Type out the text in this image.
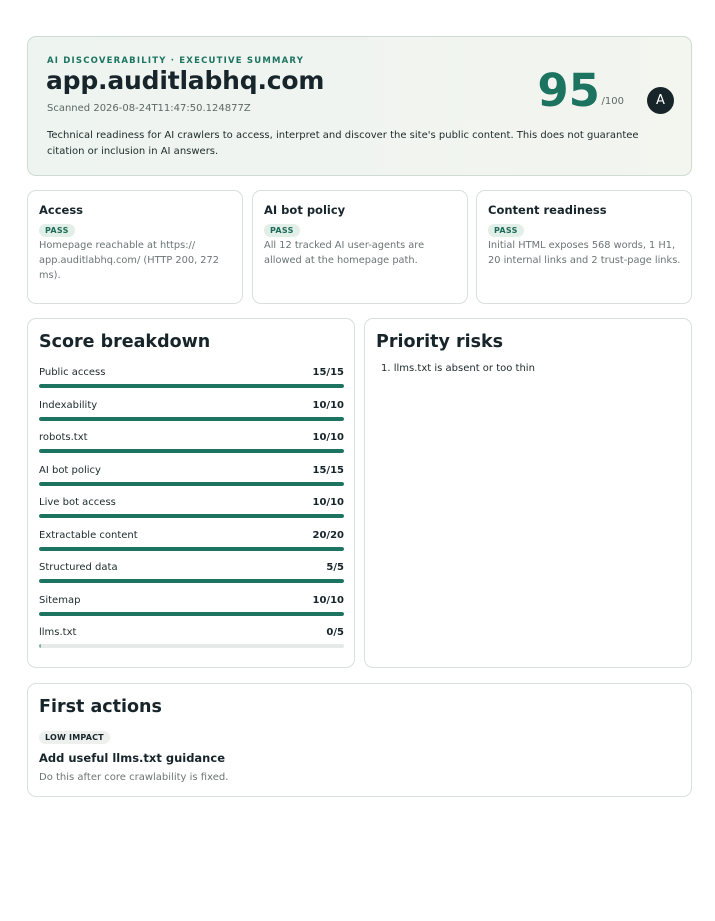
AI DISCOVERABILITY · EXECUTIVE SUMMARY
app.auditlabhq.com
Scanned 2026-08-24T11:47:50.124877Z	95 /100	A
Technical readiness for AI crawlers to access, interpret and discover the site's public content. This does not guarantee citation or inclusion in AI answers.
Access
PASS
Homepage reachable at https:// app.auditlabhq.com/ (HTTP 200, 272 ms).
AI bot policy
PASS
All 12 tracked AI user-agents are allowed at the homepage path.
Content readiness
PASS
Initial HTML exposes 568 words, 1 H1, 20 internal links and 2 trust-page links.
Score breakdown
Public access	15/15
Indexability	10/10
robots.txt	10/10
AI bot policy	15/15
Live bot access	10/10
Extractable content	20/20
Structured data	5/5
Sitemap	10/10
llms.txt	0/5
Priority risks
1. llms.txt is absent or too thin
First actions
LOW IMPACT
Add useful llms.txt guidance
Do this after core crawlability is fixed.
